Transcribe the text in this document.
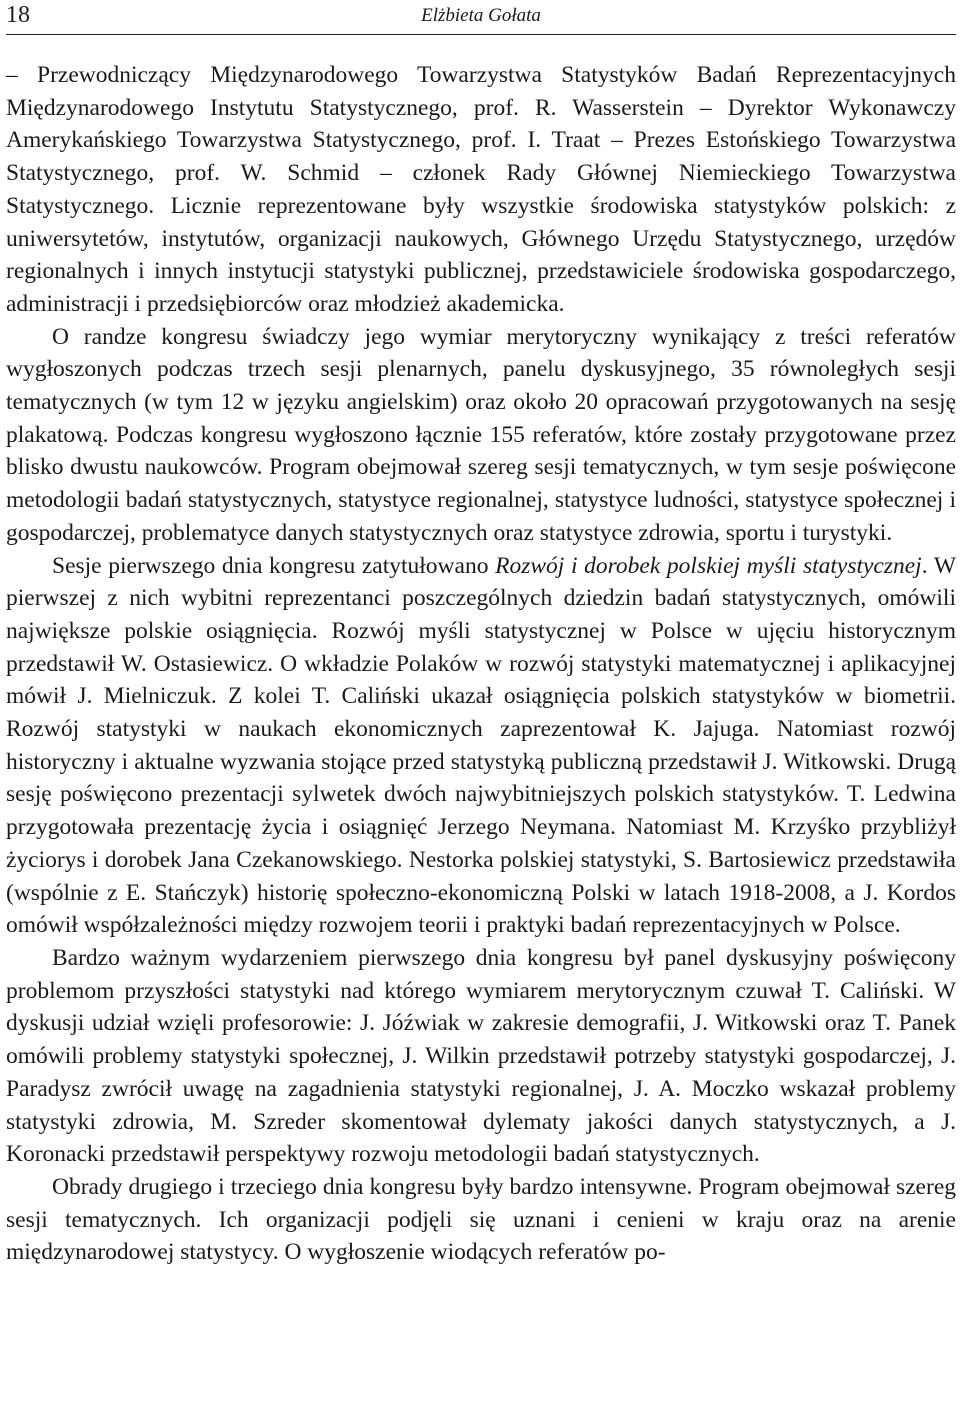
18	Elżbieta Gołata

– Przewodniczący Międzynarodowego Towarzystwa Statystyków Badań Reprezentacyjnych Międzynarodowego Instytutu Statystycznego, prof. R. Wasserstein – Dyrektor Wykonawczy Amerykańskiego Towarzystwa Statystycznego, prof. I. Traat – Prezes Estońskiego Towarzystwa Statystycznego, prof. W. Schmid – członek Rady Głównej Niemieckiego Towarzystwa Statystycznego. Licznie reprezentowane były wszystkie środowiska statystyków polskich: z uniwersytetów, instytutów, organizacji naukowych, Głównego Urzędu Statystycznego, urzędów regionalnych i innych instytucji statystyki publicznej, przedstawiciele środowiska gospodarczego, administracji i przedsiębiorców oraz młodzież akademicka.

O randze kongresu świadczy jego wymiar merytoryczny wynikający z treści referatów wygłoszonych podczas trzech sesji plenarnych, panelu dyskusyjnego, 35 równoległych sesji tematycznych (w tym 12 w języku angielskim) oraz około 20 opracowań przygotowanych na sesję plakatową. Podczas kongresu wygłoszono łącznie 155 referatów, które zostały przygotowane przez blisko dwustu naukowców. Program obejmował szereg sesji tematycznych, w tym sesje poświęcone metodologii badań statystycznych, statystyce regionalnej, statystyce ludności, statystyce społecznej i gospodarczej, problematyce danych statystycznych oraz statystyce zdrowia, sportu i turystyki.

Sesje pierwszego dnia kongresu zatytułowano Rozwój i dorobek polskiej myśli statystycznej. W pierwszej z nich wybitni reprezentanci poszczególnych dziedzin badań statystycznych, omówili największe polskie osiągnięcia. Rozwój myśli statystycznej w Polsce w ujęciu historycznym przedstawił W. Ostasiewicz. O wkładzie Polaków w rozwój statystyki matematycznej i aplikacyjnej mówił J. Mielniczuk. Z kolei T. Caliński ukazał osiągnięcia polskich statystyków w biometrii. Rozwój statystyki w naukach ekonomicznych zaprezentował K. Jajuga. Natomiast rozwój historyczny i aktualne wyzwania stojące przed statystyką publiczną przedstawił J. Witkowski. Drugą sesję poświęcono prezentacji sylwetek dwóch najwybitniejszych polskich statystyków. T. Ledwina przygotowała prezentację życia i osiągnięć Jerzego Neymana. Natomiast M. Krzyśko przybliżył życiorys i dorobek Jana Czekanowskiego. Nestorka polskiej statystyki, S. Bartosiewicz przedstawiła (wspólnie z E. Stańczyk) historię społeczno-ekonomiczną Polski w latach 1918-2008, a J. Kordos omówił współzależności między rozwojem teorii i praktyki badań reprezentacyjnych w Polsce.

Bardzo ważnym wydarzeniem pierwszego dnia kongresu był panel dyskusyjny poświęcony problemom przyszłości statystyki nad którego wymiarem merytorycznym czuwał T. Caliński. W dyskusji udział wzięli profesorowie: J. Jóźwiak w zakresie demografii, J. Witkowski oraz T. Panek omówili problemy statystyki społecznej, J. Wilkin przedstawił potrzeby statystyki gospodarczej, J. Paradysz zwrócił uwagę na zagadnienia statystyki regionalnej, J. A. Moczko wskazał problemy statystyki zdrowia, M. Szreder skomentował dylematy jakości danych statystycznych, a J. Koronacki przedstawił perspektywy rozwoju metodologii badań statystycznych.

Obrady drugiego i trzeciego dnia kongresu były bardzo intensywne. Program obejmował szereg sesji tematycznych. Ich organizacji podjęli się uznani i cenieni w kraju oraz na arenie międzynarodowej statystycy. O wygłoszenie wiodących referatów po-
